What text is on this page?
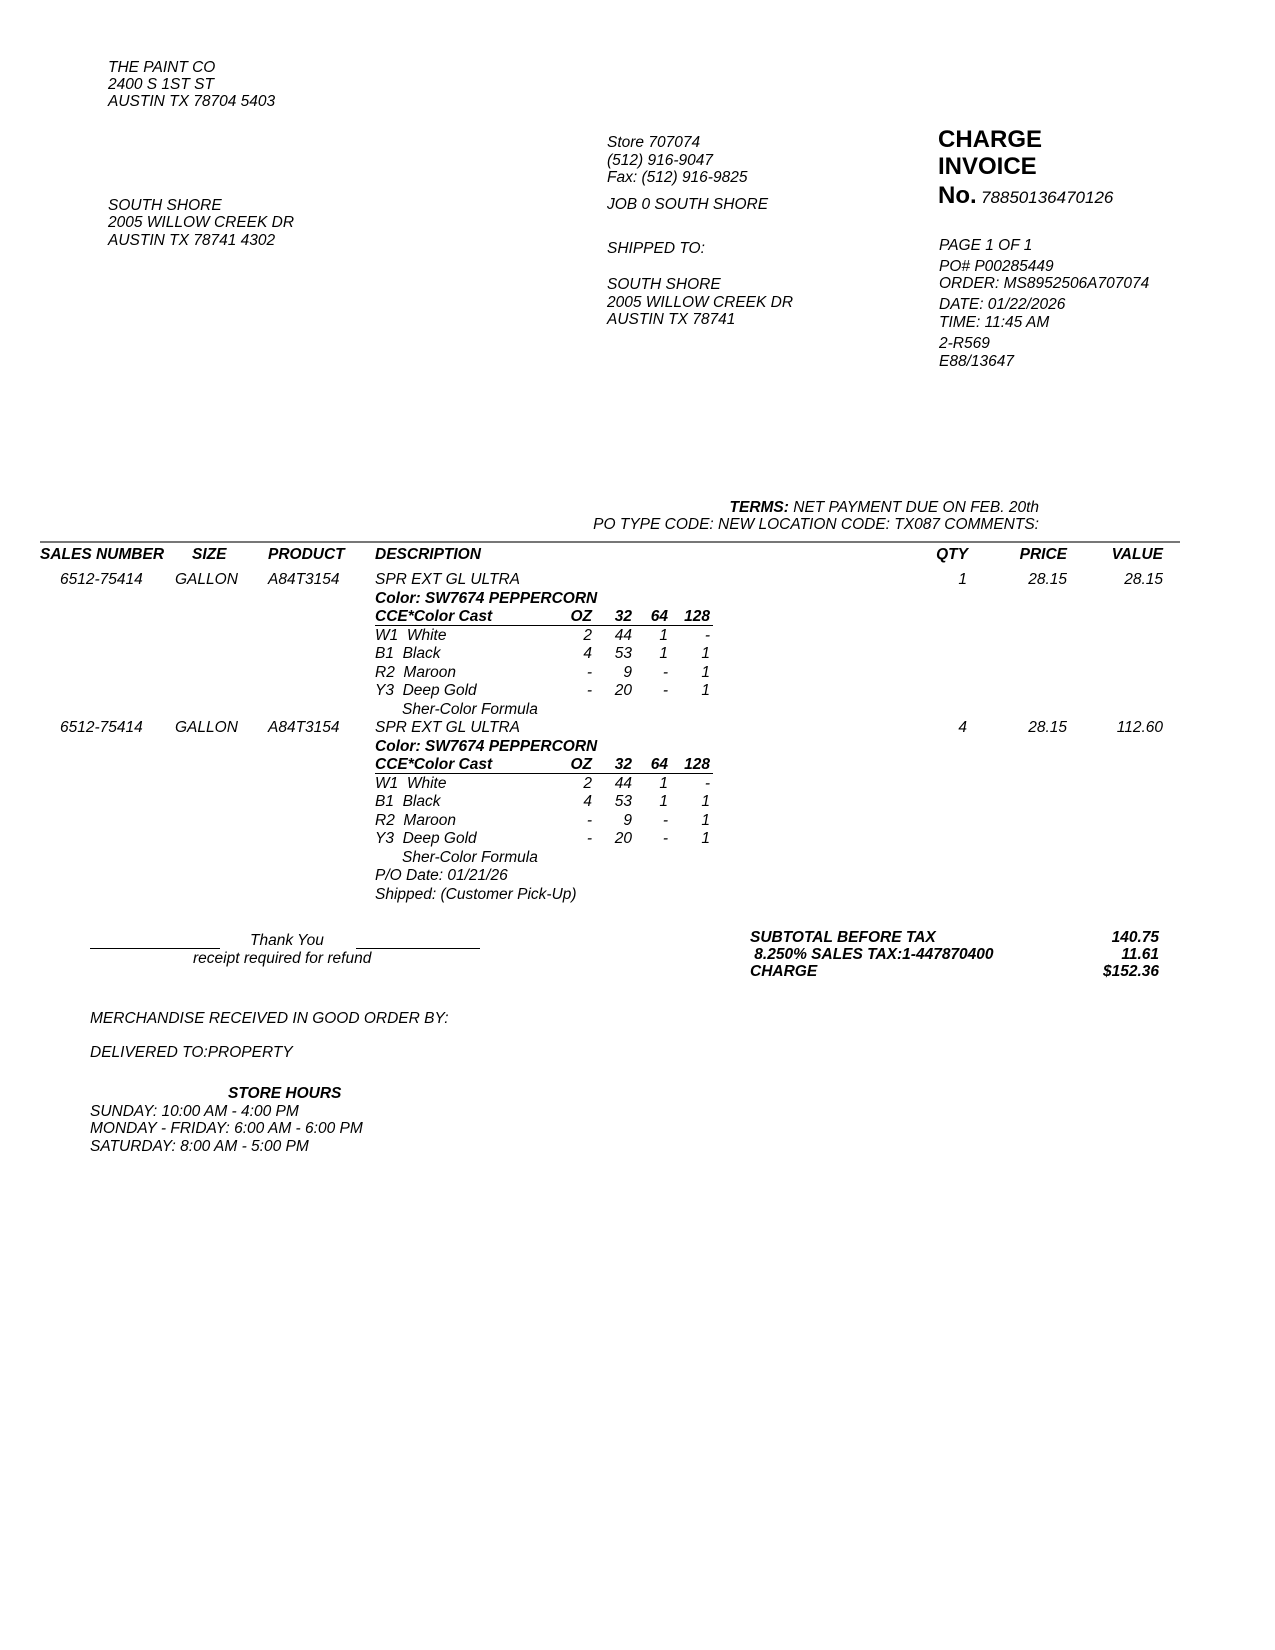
THE PAINT CO
2400 S 1ST ST
AUSTIN TX 78704 5403
SOUTH SHORE
2005 WILLOW CREEK DR
AUSTIN TX 78741 4302
Store 707074
(512) 916-9047
Fax: (512) 916-9825
JOB 0 SOUTH SHORE
SHIPPED TO:
SOUTH SHORE
2005 WILLOW CREEK DR
AUSTIN TX 78741
CHARGE
INVOICE
No. 78850136470126
PAGE 1 OF 1
PO# P00285449
ORDER: MS8952506A707074
DATE: 01/22/2026
TIME: 11:45 AM
2-R569
E88/13647
TERMS: NET PAYMENT DUE ON FEB. 20th
PO TYPE CODE: NEW LOCATION CODE: TX087 COMMENTS:
SALES NUMBER SIZE	PRODUCT DESCRIPTION	QTY	PRICE	VALUE
6512-75414 GALLON A84T3154 SPR EXT GL ULTRA	1	28.15	28.15
Color: SW7674 PEPPERCORN
CCE*Color Cast	OZ 32 64 128
W1  White	2 44 1 -
B1  Black	4 53 1 1
R2  Maroon	- 9 - 1
Y3  Deep Gold	- 20 - 1
Sher-Color Formula
6512-75414 GALLON A84T3154 SPR EXT GL ULTRA	4	28.15	112.60
Color: SW7674 PEPPERCORN
CCE*Color Cast	OZ 32 64 128
W1  White	2 44 1 -
B1  Black	4 53 1 1
R2  Maroon	- 9 - 1
Y3  Deep Gold	- 20 - 1
Sher-Color Formula
P/O Date: 01/21/26
Shipped: (Customer Pick-Up)
Thank You
receipt required for refund
SUBTOTAL BEFORE TAX	140.75
8.250% SALES TAX:1-447870400	11.61
CHARGE	$152.36
MERCHANDISE RECEIVED IN GOOD ORDER BY:
DELIVERED TO:PROPERTY
STORE HOURS
SUNDAY: 10:00 AM - 4:00 PM
MONDAY - FRIDAY: 6:00 AM - 6:00 PM
SATURDAY: 8:00 AM - 5:00 PM
